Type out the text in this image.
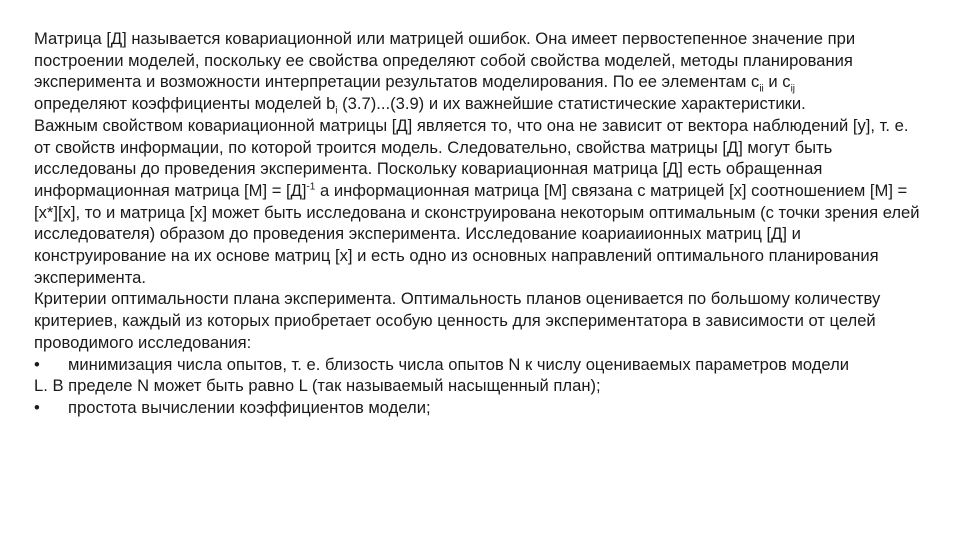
Матрица [Д] называется ковариационной или матрицей ошибок. Она имеет первостепенное значение при построении моделей, поскольку ее свойства определяют собой свойства моделей, методы планирования эксперимента и возможности интерпретации результатов моделирования. По ее элементам $c_{ii}$ и $c_{ij}$
определяют коэффициенты моделей $b_i$ (3.7)...(3.9) и их важнейшие статистические характеристики.

Важным свойством ковариационной матрицы [Д] является то, что она не зависит от вектора наблюдений [y], т. е. от свойств информации, по которой троится модель. Следовательно, свойства матрицы [Д] могут быть исследованы до проведения эксперимента. Поскольку ковариационная матрица [Д] есть обращенная информационная матрица $[М] = [Д]^{-1}$ а информационная матрица [М] связана с матрицей [x] соотношением [М] = [x*][x], то и матрица [x] может быть исследована и сконструирована некоторым оптимальным (с точки зрения елей исследователя) образом до проведения эксперимента. Исследование коариаиионных матриц [Д] и конструирование на их основе матриц [x] и есть одно из основных направлений оптимального планирования эксперимента.

Критерии оптимальности плана эксперимента. Оптимальность планов оценивается по большому количеству критериев, каждый из которых приобретает особую ценность для экспериментатора в зависимости от целей проводимого исследования:

• минимизация числа опытов, т. е. близость числа опытов N к числу оцениваемых параметров модели

L. В пределе N может быть равно L (так называемый насыщенный план);

• простота вычислении коэффициентов модели;
